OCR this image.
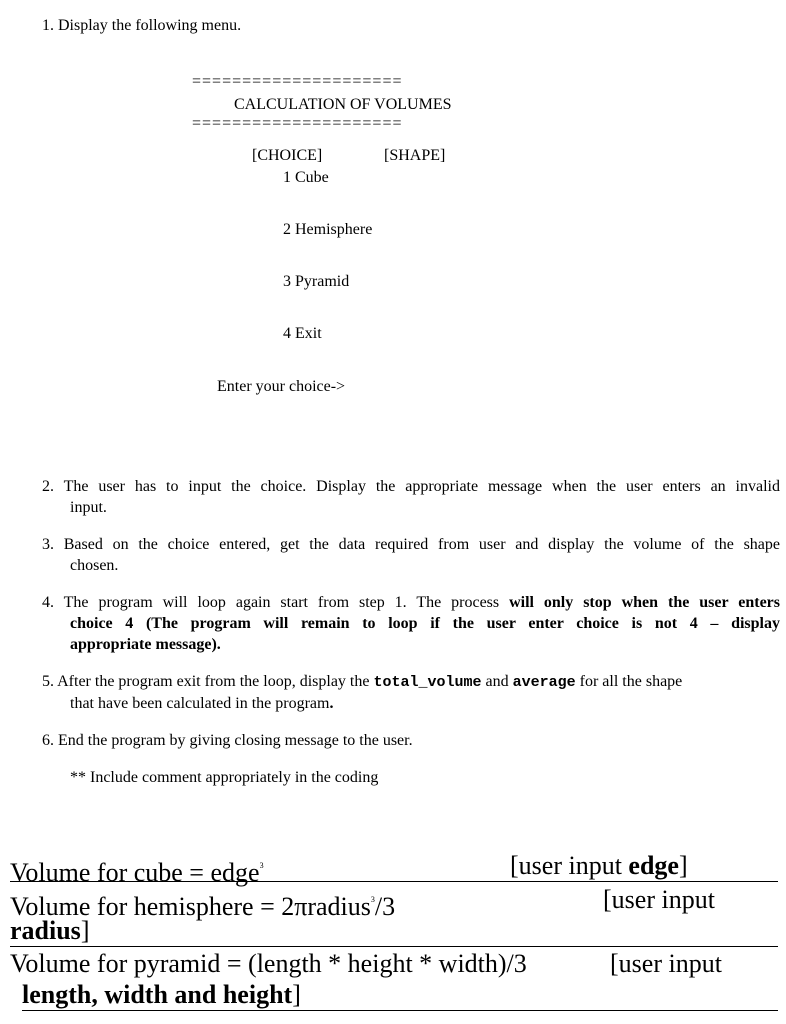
1. Display the following menu.
=====================
CALCULATION OF VOLUMES
=====================
[CHOICE]	[SHAPE]
1 Cube
2 Hemisphere
3 Pyramid
4 Exit
Enter your choice->
2. The user has to input the choice. Display the appropriate message when the user enters an invalid
input.
3. Based on the choice entered, get the data required from user and display the volume of the shape
chosen.
4. The program will loop again start from step 1. The process will only stop when the user enters
choice 4 (The program will remain to loop if the user enter choice is not 4 – display
appropriate message).
5. After the program exit from the loop, display the total_volume and average for all the shape
that have been calculated in the program.
6. End the program by giving closing message to the user.
** Include comment appropriately in the coding
Volume for cube = edge$^3$	[user input edge]
Volume for hemisphere = 2πradius$^3$/3	[user input
radius]
Volume for pyramid = (length * height * width)/3	[user input
length, width and height]
